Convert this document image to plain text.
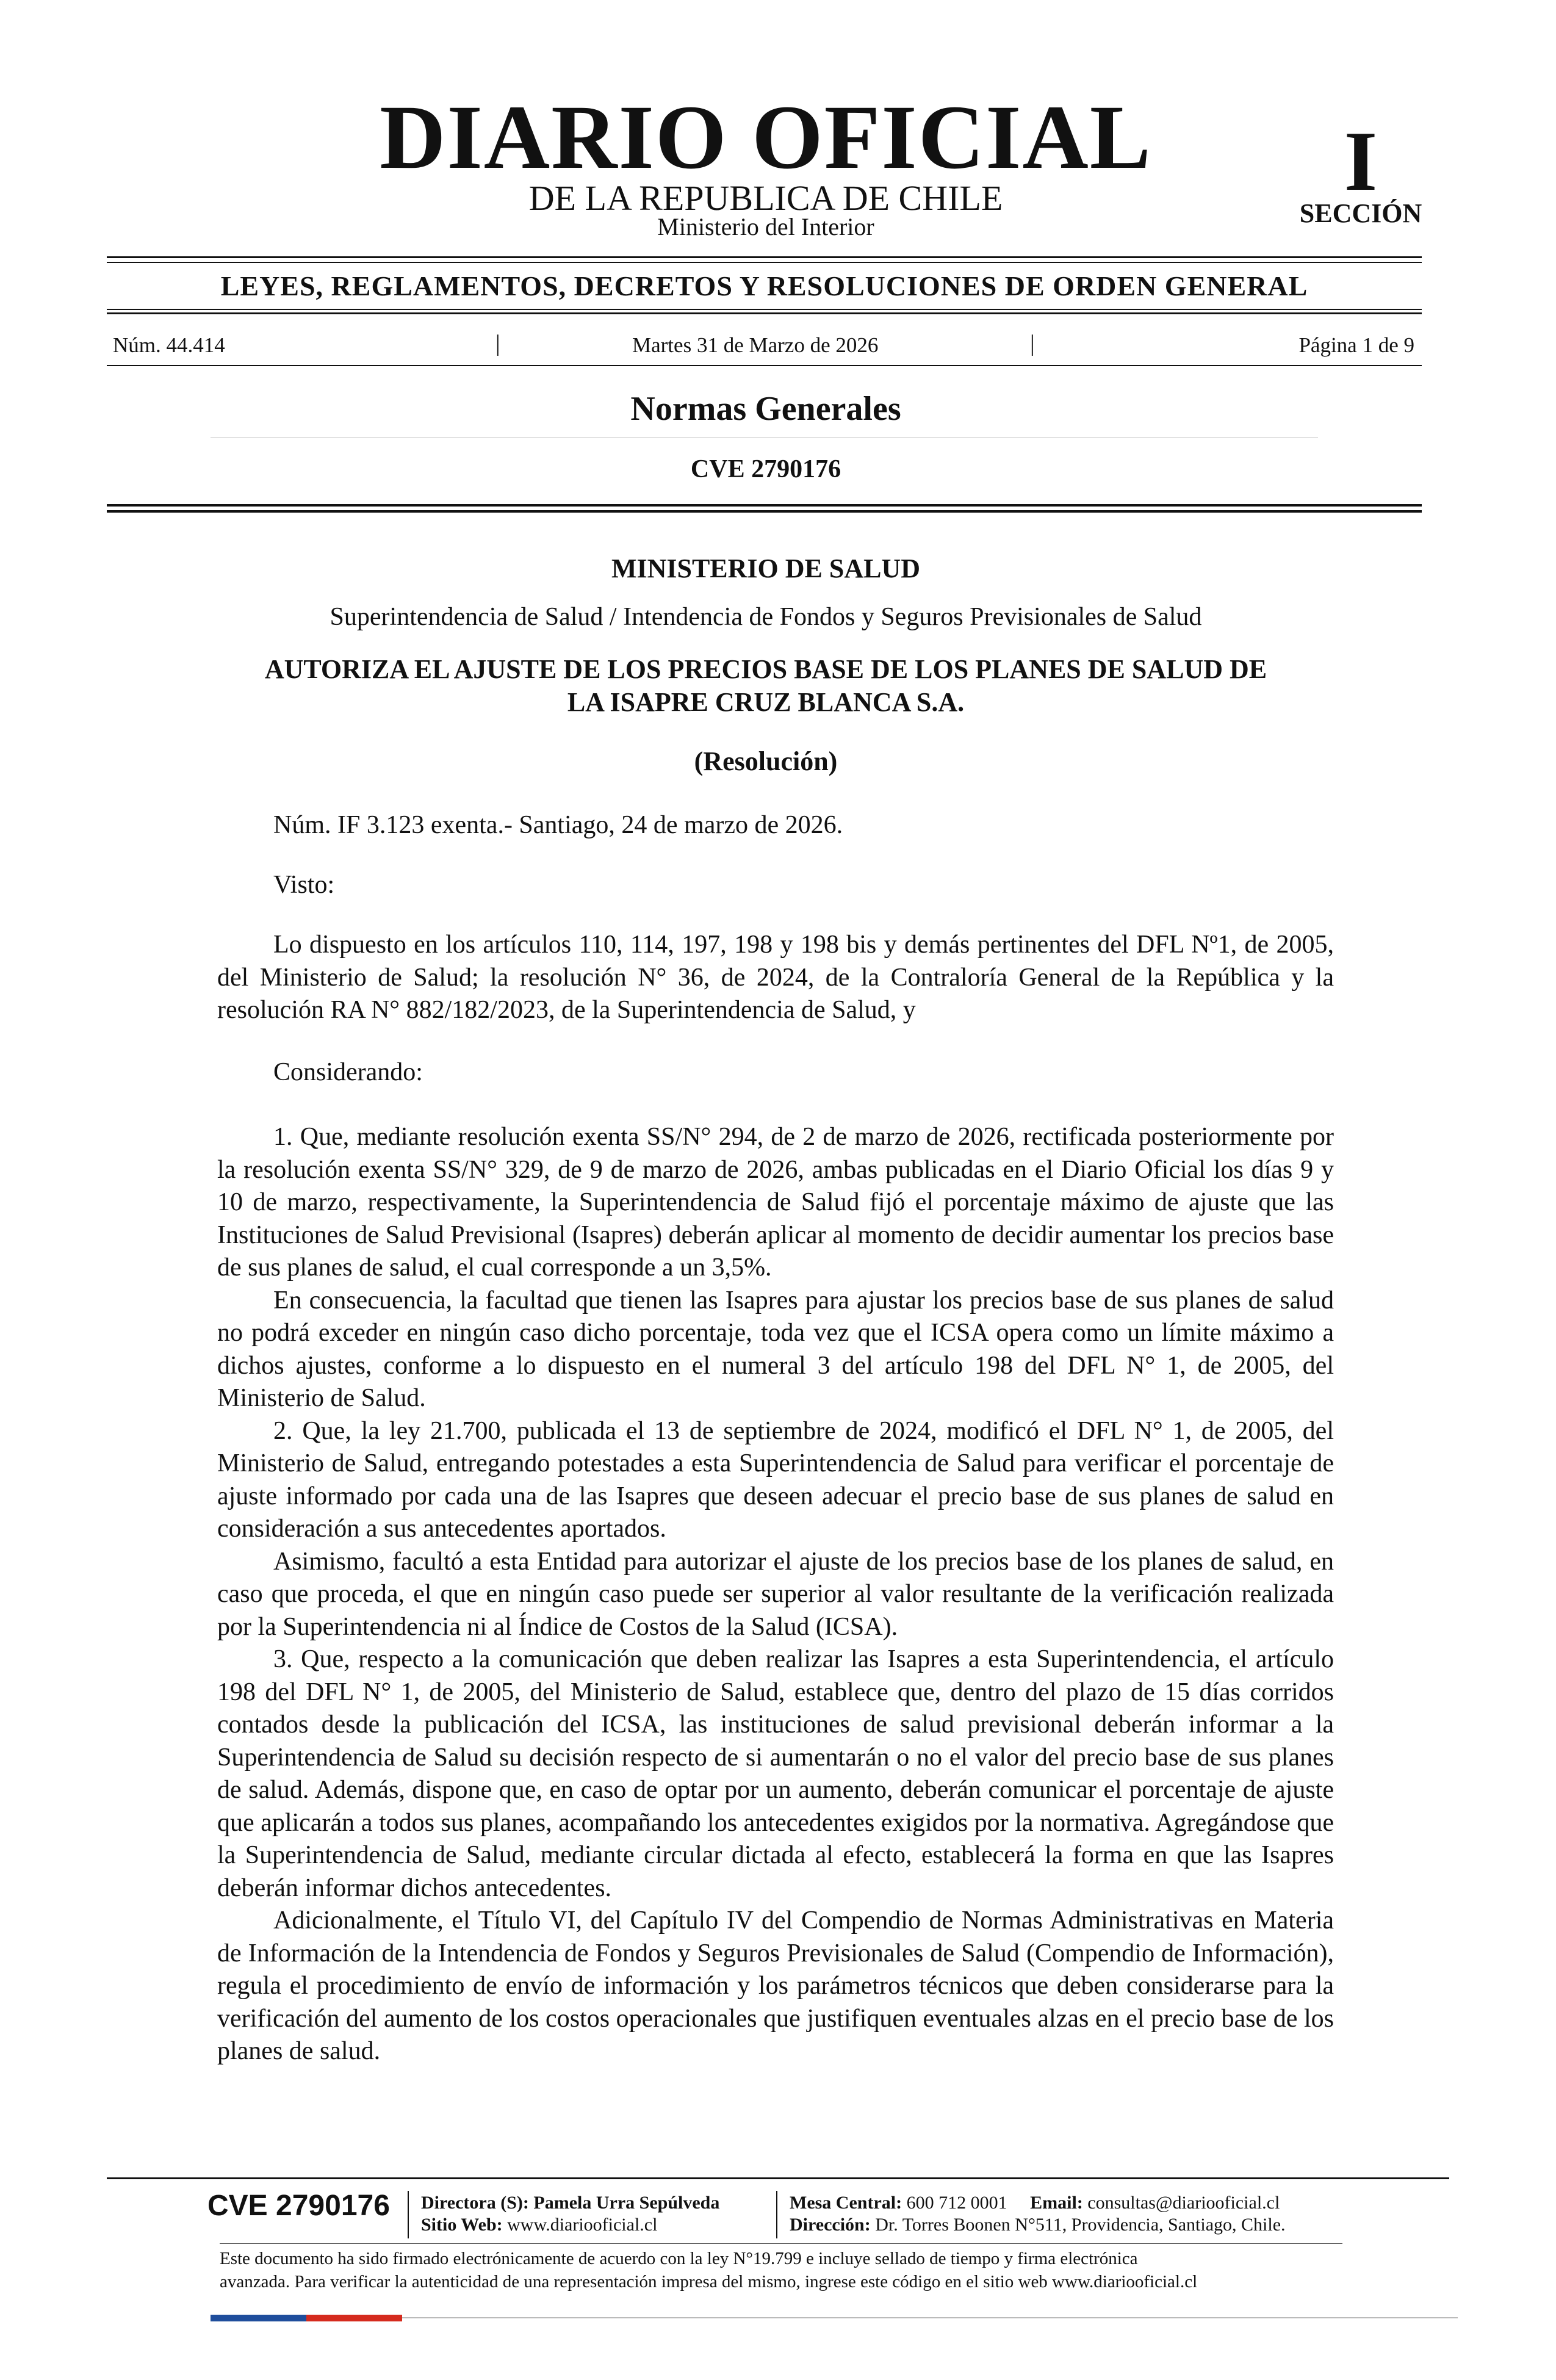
DIARIO OFICIAL
DE LA REPUBLICA DE CHILE
Ministerio del Interior
I
SECCIÓN
LEYES, REGLAMENTOS, DECRETOS Y RESOLUCIONES DE ORDEN GENERAL
Núm. 44.414	|	Martes 31 de Marzo de 2026	|	Página 1 de 9
Normas Generales
CVE 2790176
MINISTERIO DE SALUD
Superintendencia de Salud / Intendencia de Fondos y Seguros Previsionales de Salud
AUTORIZA EL AJUSTE DE LOS PRECIOS BASE DE LOS PLANES DE SALUD DE
LA ISAPRE CRUZ BLANCA S.A.
(Resolución)
Núm. IF 3.123 exenta.- Santiago, 24 de marzo de 2026.
Visto:
Lo dispuesto en los artículos 110, 114, 197, 198 y 198 bis y demás pertinentes del DFL Nº1, de 2005, del Ministerio de Salud; la resolución N° 36, de 2024, de la Contraloría General de la República y la resolución RA N° 882/182/2023, de la Superintendencia de Salud, y
Considerando:
1. Que, mediante resolución exenta SS/N° 294, de 2 de marzo de 2026, rectificada posteriormente por la resolución exenta SS/N° 329, de 9 de marzo de 2026, ambas publicadas en el Diario Oficial los días 9 y 10 de marzo, respectivamente, la Superintendencia de Salud fijó el porcentaje máximo de ajuste que las Instituciones de Salud Previsional (Isapres) deberán aplicar al momento de decidir aumentar los precios base de sus planes de salud, el cual corresponde a un 3,5%.
En consecuencia, la facultad que tienen las Isapres para ajustar los precios base de sus planes de salud no podrá exceder en ningún caso dicho porcentaje, toda vez que el ICSA opera como un límite máximo a dichos ajustes, conforme a lo dispuesto en el numeral 3 del artículo 198 del DFL N° 1, de 2005, del Ministerio de Salud.
2. Que, la ley 21.700, publicada el 13 de septiembre de 2024, modificó el DFL N° 1, de 2005, del Ministerio de Salud, entregando potestades a esta Superintendencia de Salud para verificar el porcentaje de ajuste informado por cada una de las Isapres que deseen adecuar el precio base de sus planes de salud en consideración a sus antecedentes aportados.
Asimismo, facultó a esta Entidad para autorizar el ajuste de los precios base de los planes de salud, en caso que proceda, el que en ningún caso puede ser superior al valor resultante de la verificación realizada por la Superintendencia ni al Índice de Costos de la Salud (ICSA).
3. Que, respecto a la comunicación que deben realizar las Isapres a esta Superintendencia, el artículo 198 del DFL N° 1, de 2005, del Ministerio de Salud, establece que, dentro del plazo de 15 días corridos contados desde la publicación del ICSA, las instituciones de salud previsional deberán informar a la Superintendencia de Salud su decisión respecto de si aumentarán o no el valor del precio base de sus planes de salud. Además, dispone que, en caso de optar por un aumento, deberán comunicar el porcentaje de ajuste que aplicarán a todos sus planes, acompañando los antecedentes exigidos por la normativa. Agregándose que la Superintendencia de Salud, mediante circular dictada al efecto, establecerá la forma en que las Isapres deberán informar dichos antecedentes.
Adicionalmente, el Título VI, del Capítulo IV del Compendio de Normas Administrativas en Materia de Información de la Intendencia de Fondos y Seguros Previsionales de Salud (Compendio de Información), regula el procedimiento de envío de información y los parámetros técnicos que deben considerarse para la verificación del aumento de los costos operacionales que justifiquen eventuales alzas en el precio base de los planes de salud.
CVE 2790176 Directora (S): Pamela Urra Sepúlveda
Sitio Web: www.diariooficial.cl
Mesa Central: 600 712 0001 Email: consultas@diariooficial.cl
Dirección: Dr. Torres Boonen N°511, Providencia, Santiago, Chile.
Este documento ha sido firmado electrónicamente de acuerdo con la ley N°19.799 e incluye sellado de tiempo y firma electrónica
avanzada. Para verificar la autenticidad de una representación impresa del mismo, ingrese este código en el sitio web www.diariooficial.cl
